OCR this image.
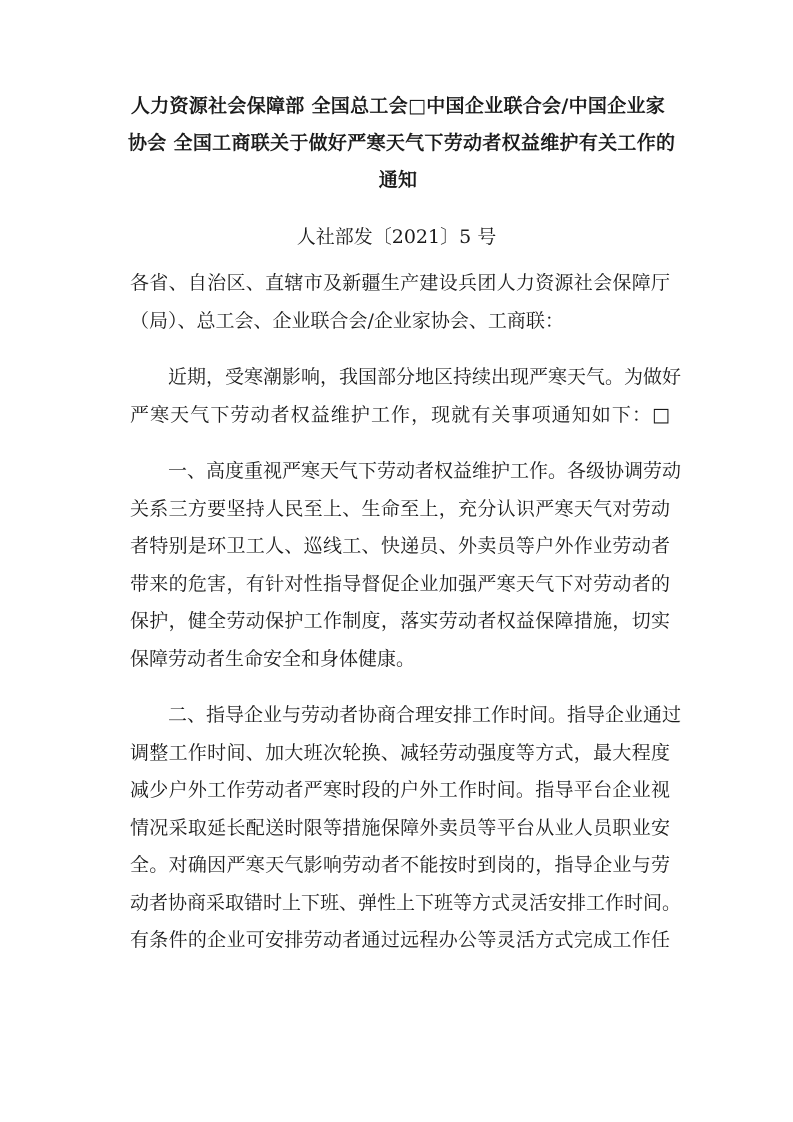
人力资源社会保障部 全国总工会□中国企业联合会/中国企业家
协会 全国工商联关于做好严寒天气下劳动者权益维护有关工作的
通知

人社部发〔2021〕5 号

各省、自治区、直辖市及新疆生产建设兵团人力资源社会保障厅
（局）、总工会、企业联合会/企业家协会、工商联：

近期，受寒潮影响，我国部分地区持续出现严寒天气。为做好
严寒天气下劳动者权益维护工作，现就有关事项通知如下：□

一、高度重视严寒天气下劳动者权益维护工作。各级协调劳动
关系三方要坚持人民至上、生命至上，充分认识严寒天气对劳动
者特别是环卫工人、巡线工、快递员、外卖员等户外作业劳动者
带来的危害，有针对性指导督促企业加强严寒天气下对劳动者的
保护，健全劳动保护工作制度，落实劳动者权益保障措施，切实
保障劳动者生命安全和身体健康。

二、指导企业与劳动者协商合理安排工作时间。指导企业通过
调整工作时间、加大班次轮换、减轻劳动强度等方式，最大程度
减少户外工作劳动者严寒时段的户外工作时间。指导平台企业视
情况采取延长配送时限等措施保障外卖员等平台从业人员职业安
全。对确因严寒天气影响劳动者不能按时到岗的，指导企业与劳
动者协商采取错时上下班、弹性上下班等方式灵活安排工作时间。
有条件的企业可安排劳动者通过远程办公等灵活方式完成工作任
